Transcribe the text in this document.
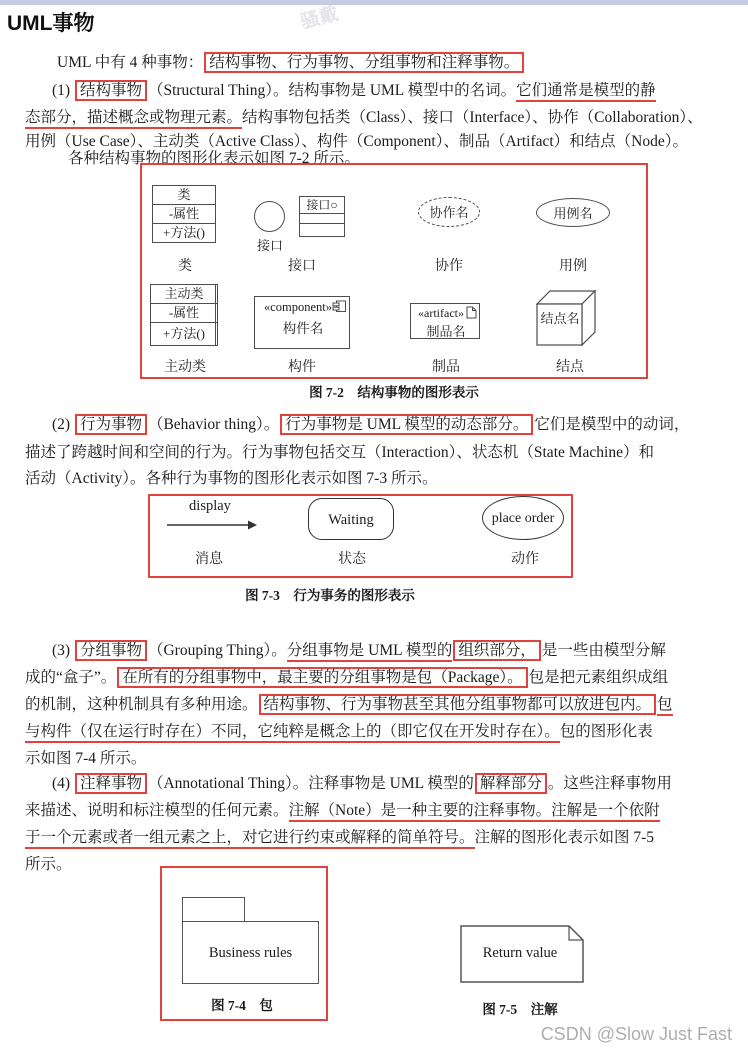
骚戴
UML事物
UML 中有 4 种事物： 结构事物、行为事物、分组事物和注释事物。
(1) 结构事物 （Structural Thing）。结构事物是 UML 模型中的名词。它们通常是模型的静
态部分，描述概念或物理元素。结构事物包括类（Class）、接口（Interface）、协作（Collaboration）、
用例（Use Case）、主动类（Active Class）、构件（Component）、制品（Artifact）和结点（Node）。
各种结构事物的图形化表示如图 7-2 所示。
(2) 行为事物 （Behavior thing）。 行为事物是 UML 模型的动态部分。 它们是模型中的动词，
描述了跨越时间和空间的行为。行为事物包括交互（Interaction）、状态机（State Machine）和
活动（Activity）。各种行为事物的图形化表示如图 7-3 所示。
(3) 分组事物 （Grouping Thing）。分组事物是 UML 模型的 组织部分， 是一些由模型分解
成的“盒子”。 在所有的分组事物中，最主要的分组事物是包（Package）。 包是把元素组织成组
的机制，这种机制具有多种用途。 结构事物、行为事物甚至其他分组事物都可以放进包内。 包
与构件（仅在运行时存在）不同，它纯粹是概念上的（即它仅在开发时存在）。包的图形化表
示如图 7-4 所示。
(4) 注释事物 （Annotational Thing）。注释事物是 UML 模型的 解释部分 。这些注释事物用
来描述、说明和标注模型的任何元素。注解（Note）是一种主要的注释事物。注解是一个依附
于一个元素或者一组元素之上，对它进行约束或解释的简单符号。注解的图形化表示如图 7-5
所示。
类
-属性
+方法()
类
接口
接口○
接口
协作名
协作
用例名
用例
主动类
-属性
+方法()
主动类
«component»
构件名
构件
«artifact»
制品名
制品
结点名
结点
图 7-2　结构事物的图形表示
display
消息
Waiting
状态
place order
动作
图 7-3　行为事务的图形表示
Business rules
图 7-4　包
Return value
图 7-5　注解
CSDN @Slow Just Fast
